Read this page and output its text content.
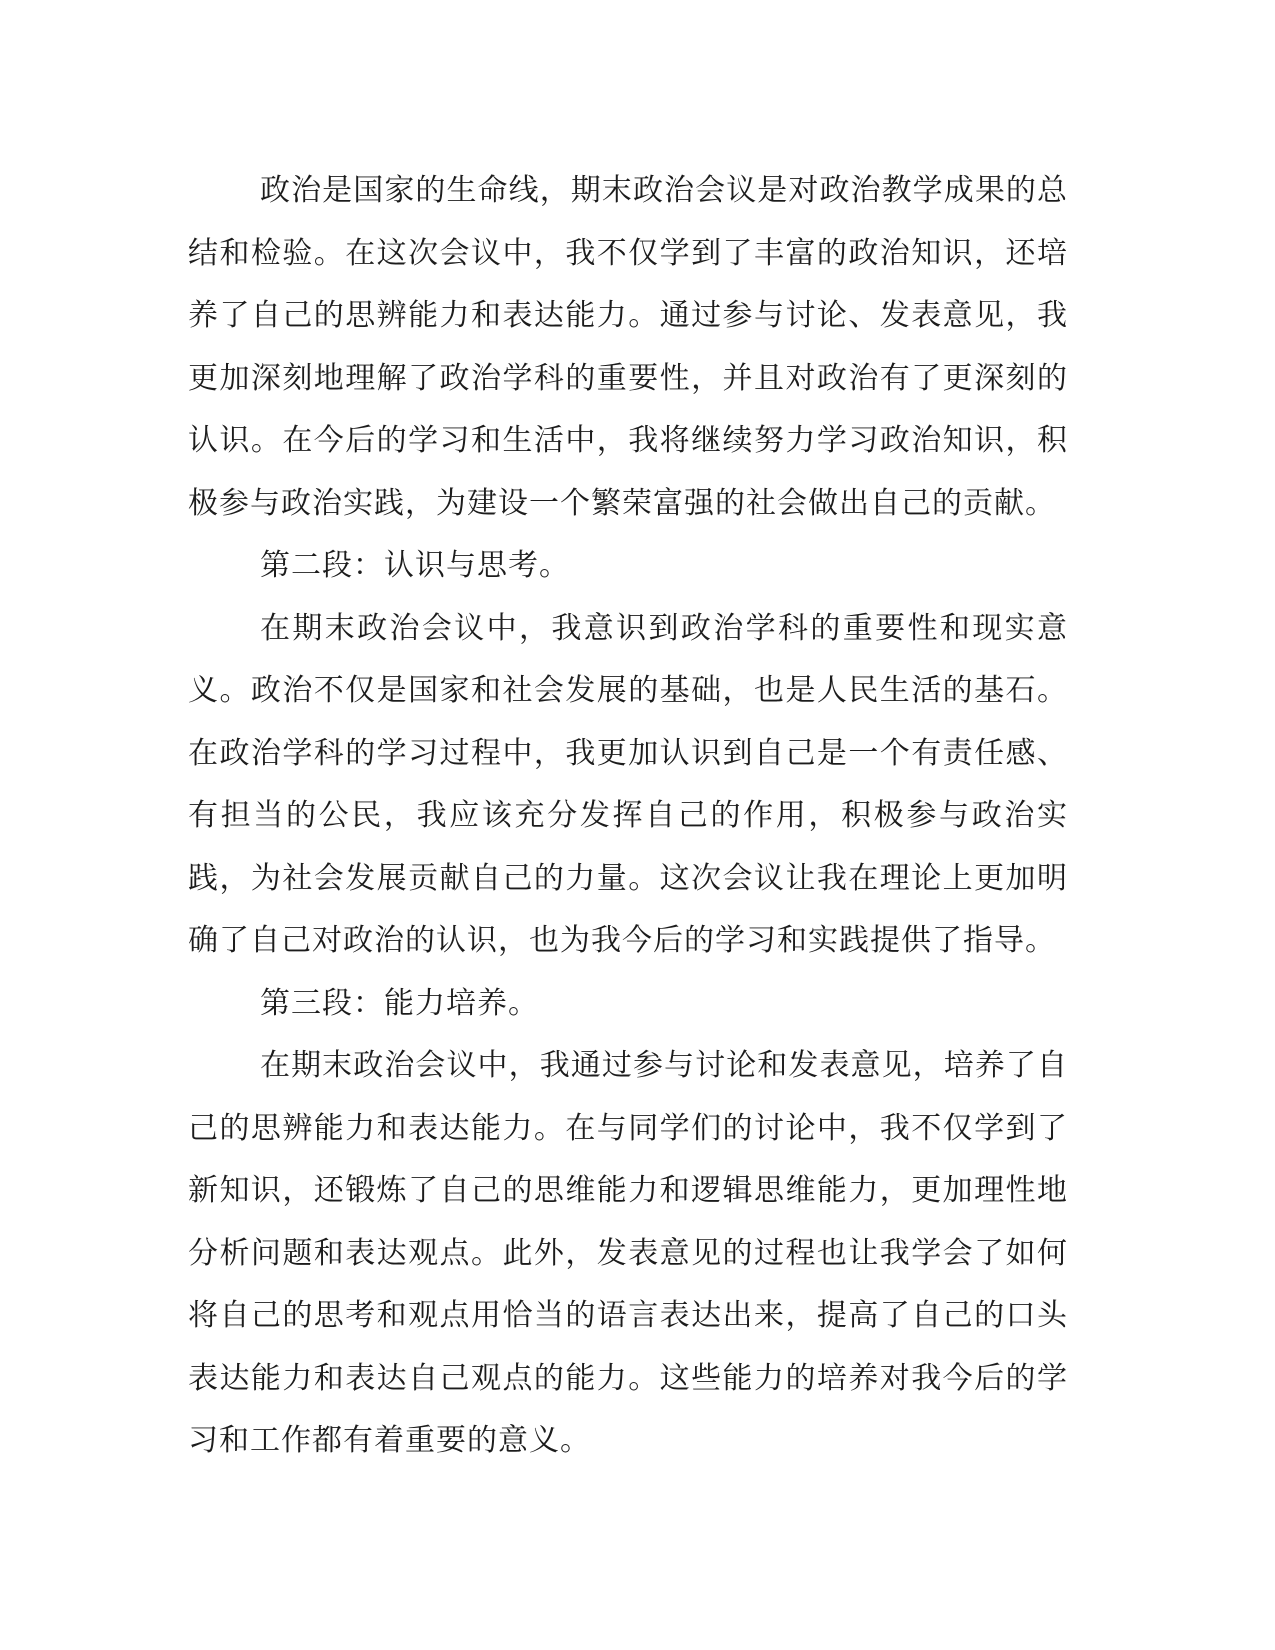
政治是国家的生命线，期末政治会议是对政治教学成果的总结和检验。在这次会议中，我不仅学到了丰富的政治知识，还培养了自己的思辨能力和表达能力。通过参与讨论、发表意见，我更加深刻地理解了政治学科的重要性，并且对政治有了更深刻的认识。在今后的学习和生活中，我将继续努力学习政治知识，积极参与政治实践，为建设一个繁荣富强的社会做出自己的贡献。

第二段：认识与思考。

在期末政治会议中，我意识到政治学科的重要性和现实意义。政治不仅是国家和社会发展的基础，也是人民生活的基石。在政治学科的学习过程中，我更加认识到自己是一个有责任感、有担当的公民，我应该充分发挥自己的作用，积极参与政治实践，为社会发展贡献自己的力量。这次会议让我在理论上更加明确了自己对政治的认识，也为我今后的学习和实践提供了指导。

第三段：能力培养。

在期末政治会议中，我通过参与讨论和发表意见，培养了自己的思辨能力和表达能力。在与同学们的讨论中，我不仅学到了新知识，还锻炼了自己的思维能力和逻辑思维能力，更加理性地分析问题和表达观点。此外，发表意见的过程也让我学会了如何将自己的思考和观点用恰当的语言表达出来，提高了自己的口头表达能力和表达自己观点的能力。这些能力的培养对我今后的学习和工作都有着重要的意义。
